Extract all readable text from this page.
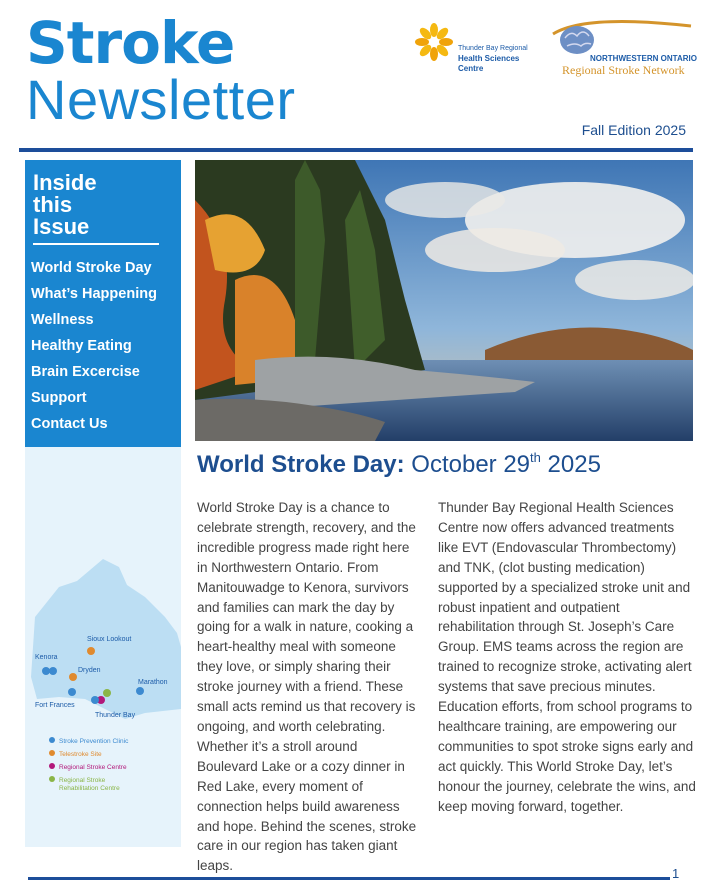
Stroke
Newsletter
Thunder Bay Regional
Health Sciences
Centre
NORTHWESTERN ONTARIO
Regional Stroke Network
Fall Edition 2025
Inside
this
Issue
World Stroke Day
What’s Happening
Wellness
Healthy Eating
Brain Excercise
Support
Contact Us
Sioux Lookout
Kenora
Dryden
Marathon
Fort Frances
Thunder Bay
Stroke Prevention Clinic
Telestroke Site
Regional Stroke Centre
Regional Stroke Rehabilitation Centre
World Stroke Day: October 29th 2025

World Stroke Day is a chance to celebrate strength, recovery, and the incredible progress made right here in Northwestern Ontario. From Manitouwadge to Kenora, survivors and families can mark the day by going for a walk in nature, cooking a heart-healthy meal with someone they love, or simply sharing their stroke journey with a friend. These small acts remind us that recovery is ongoing, and worth celebrating. Whether it’s a stroll around Boulevard Lake or a cozy dinner in Red Lake, every moment of connection helps build awareness and hope. Behind the scenes, stroke care in our region has taken giant leaps.

Thunder Bay Regional Health Sciences Centre now offers advanced treatments like EVT (Endovascular Thrombectomy) and TNK, (clot busting medication) supported by a specialized stroke unit and robust inpatient and outpatient rehabilitation through St. Joseph’s Care Group. EMS teams across the region are trained to recognize stroke, activating alert systems that save precious minutes. Education efforts, from school programs to healthcare training, are empowering our communities to spot stroke signs early and act quickly. This World Stroke Day, let’s honour the journey, celebrate the wins, and keep moving forward, together.

1
